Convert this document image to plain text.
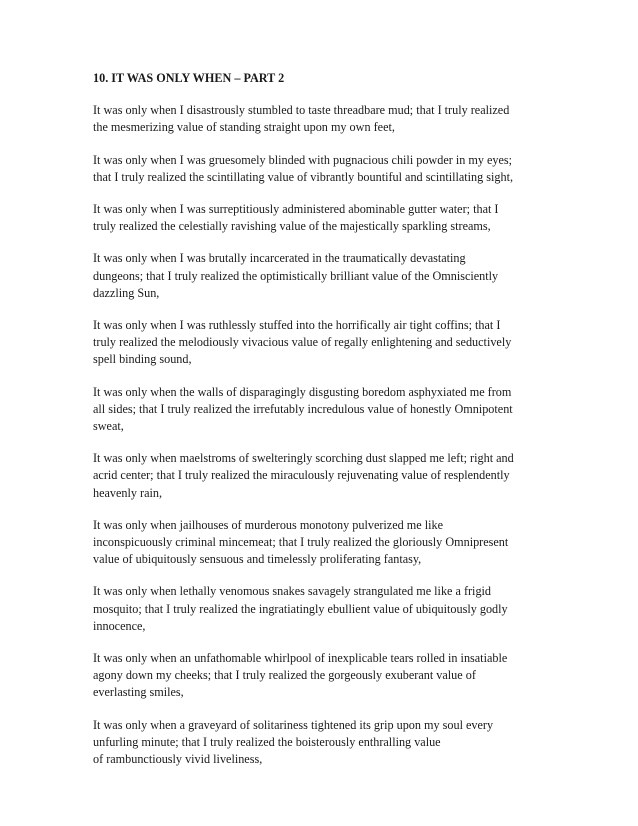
10. IT WAS ONLY WHEN – PART 2
It was only when I disastrously stumbled to taste threadbare mud; that I truly realized
the mesmerizing value of standing straight upon my own feet,
It was only when I was gruesomely blinded with pugnacious chili powder in my eyes;
that I truly realized the scintillating value of vibrantly bountiful and scintillating sight,
It was only when I was surreptitiously administered abominable gutter water; that I
truly realized the celestially ravishing value of the majestically sparkling streams,
It was only when I was brutally incarcerated in the traumatically devastating
dungeons; that I truly realized the optimistically brilliant value of the Omnisciently
dazzling Sun,
It was only when I was ruthlessly stuffed into the horrifically air tight coffins; that I
truly realized the melodiously vivacious value of regally enlightening and seductively
spell binding sound,
It was only when the walls of disparagingly disgusting boredom asphyxiated me from
all sides; that I truly realized the irrefutably incredulous value of honestly Omnipotent
sweat,
It was only when maelstroms of swelteringly scorching dust slapped me left; right and
acrid center; that I truly realized the miraculously rejuvenating value of resplendently
heavenly rain,
It was only when jailhouses of murderous monotony pulverized me like
inconspicuously criminal mincemeat; that I truly realized the gloriously Omnipresent
value of ubiquitously sensuous and timelessly proliferating fantasy,
It was only when lethally venomous snakes savagely strangulated me like a frigid
mosquito; that I truly realized the ingratiatingly ebullient value of ubiquitously godly
innocence,
It was only when an unfathomable whirlpool of inexplicable tears rolled in insatiable
agony down my cheeks; that I truly realized the gorgeously exuberant value of
everlasting smiles,
It was only when a graveyard of solitariness tightened its grip upon my soul every
unfurling minute; that I truly realized the boisterously enthralling value
of rambunctiously vivid liveliness,
